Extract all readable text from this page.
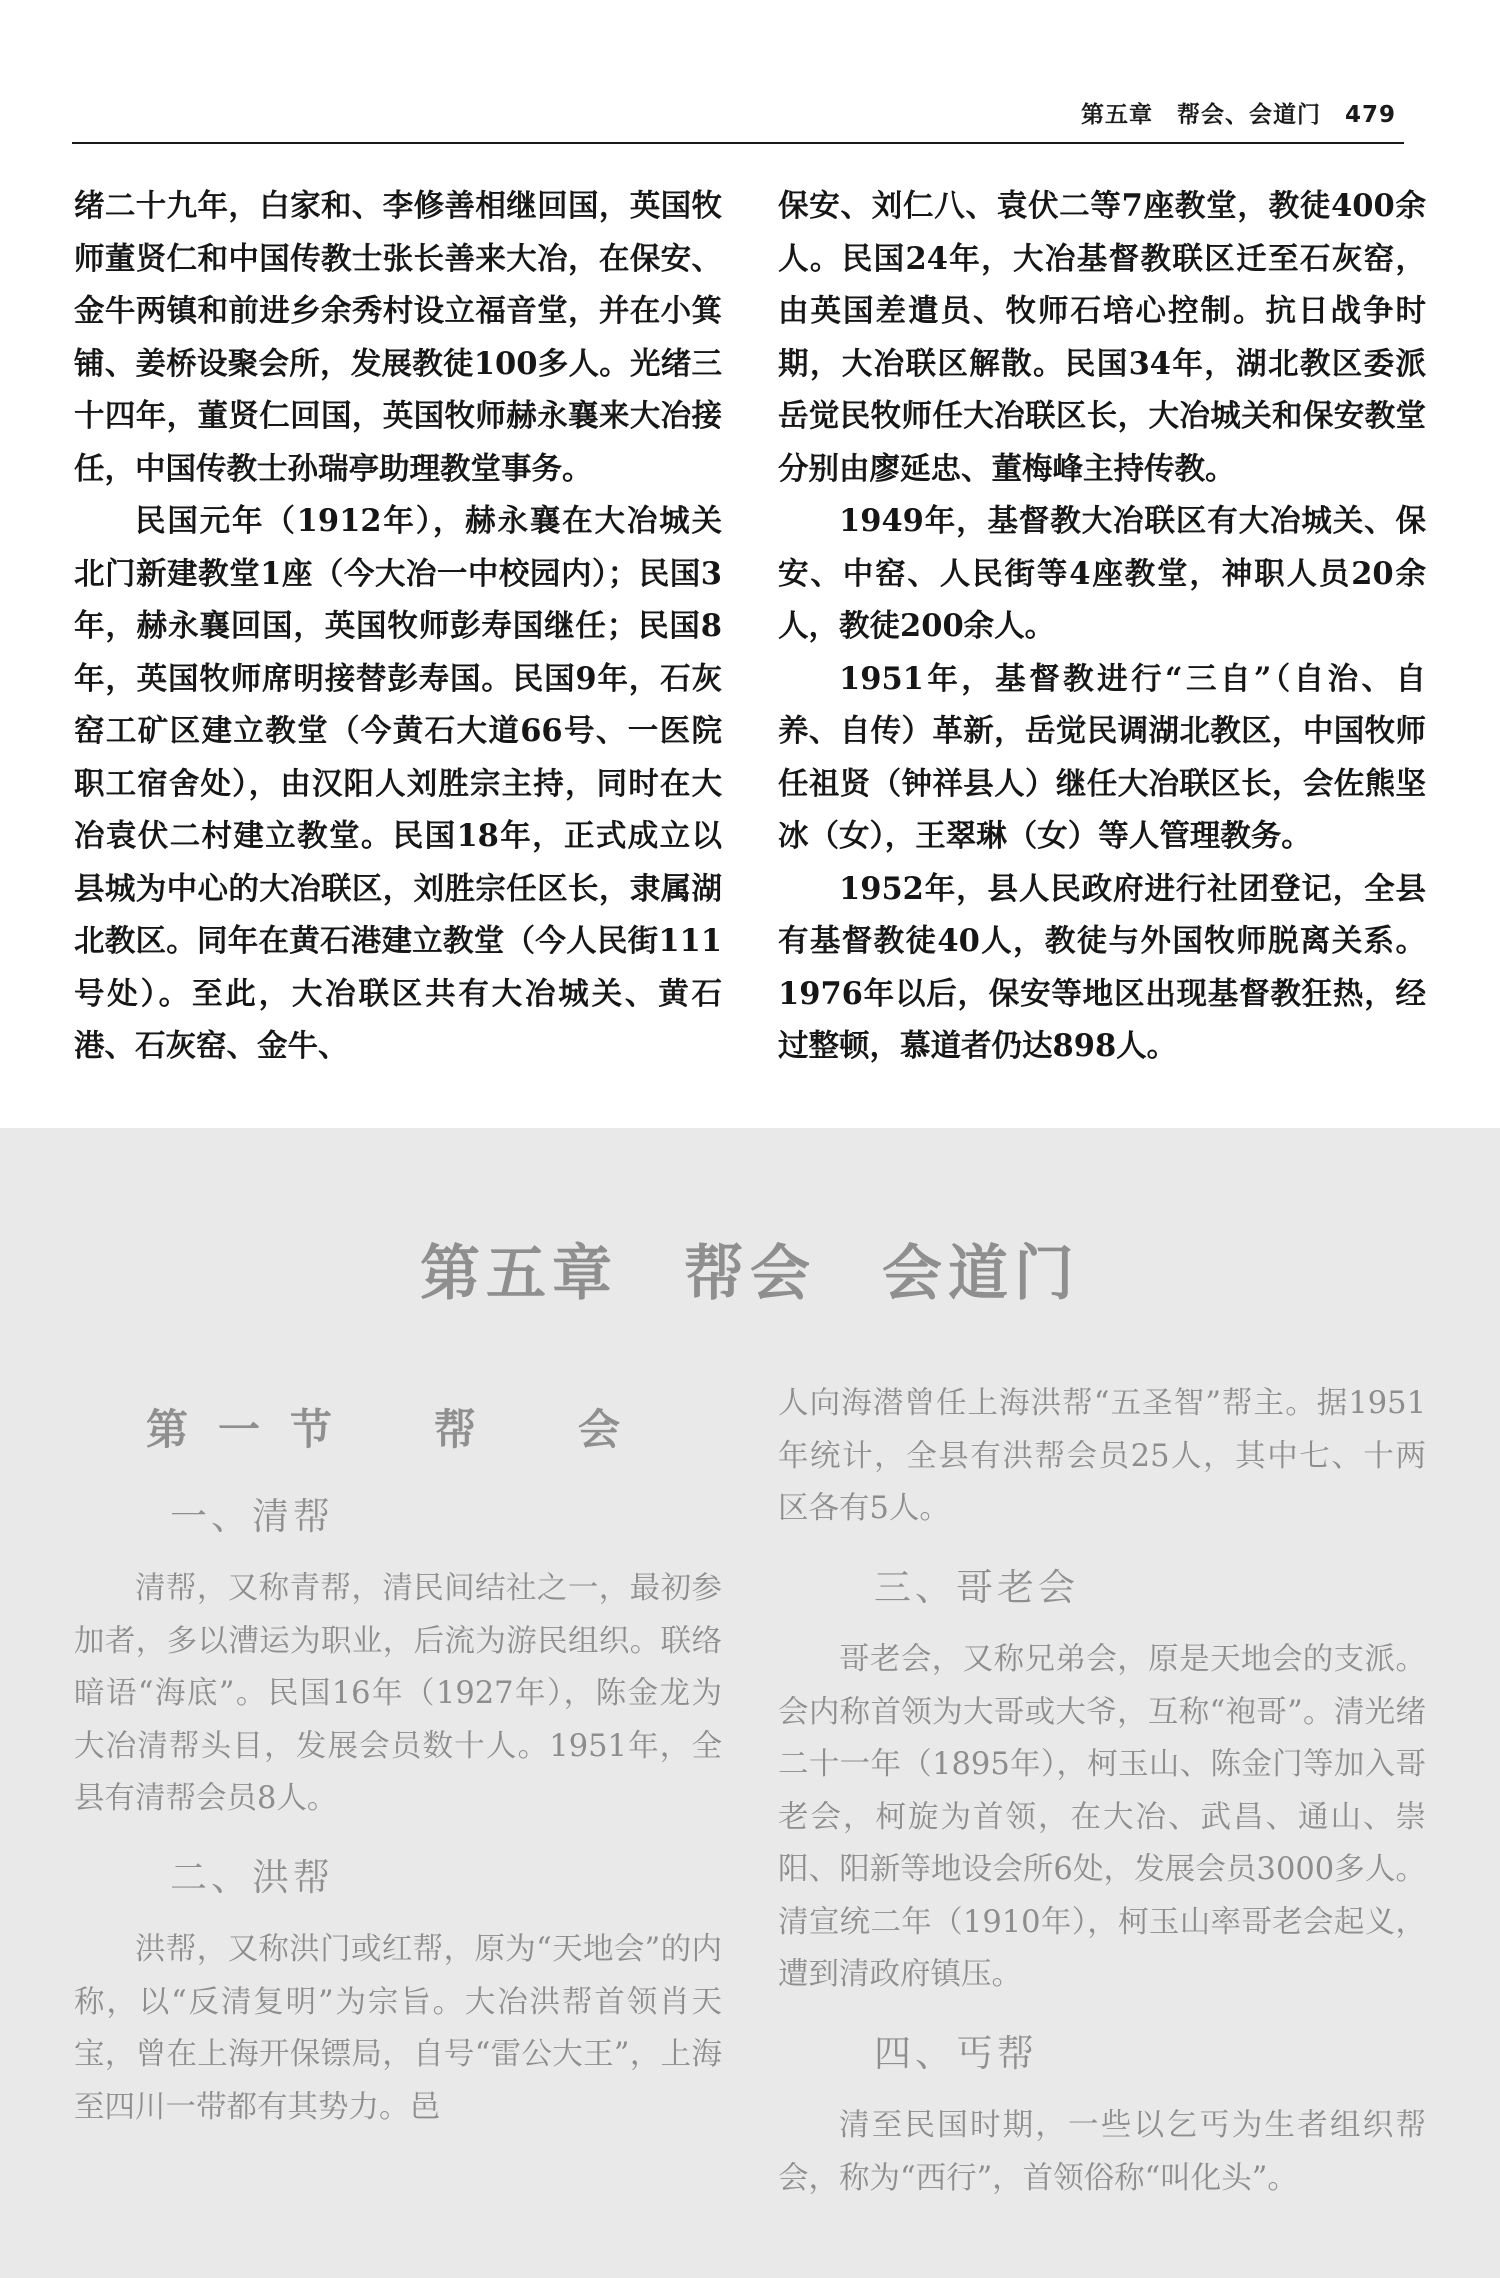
第五章　帮会、会道门　479

绪二十九年，白家和、李修善相继回国，英国牧师董贤仁和中国传教士张长善来大冶，在保安、金牛两镇和前进乡余秀村设立福音堂，并在小箕铺、姜桥设聚会所，发展教徒100多人。光绪三十四年，董贤仁回国，英国牧师赫永襄来大冶接任，中国传教士孙瑞亭助理教堂事务。

民国元年（1912年），赫永襄在大冶城关北门新建教堂1座（今大冶一中校园内）；民国3年，赫永襄回国，英国牧师彭寿国继任；民国8年，英国牧师席明接替彭寿国。民国9年，石灰窑工矿区建立教堂（今黄石大道66号、一医院职工宿舍处），由汉阳人刘胜宗主持，同时在大冶袁伏二村建立教堂。民国18年，正式成立以县城为中心的大冶联区，刘胜宗任区长，隶属湖北教区。同年在黄石港建立教堂（今人民街111号处）。至此，大冶联区共有大冶城关、黄石港、石灰窑、金牛、

保安、刘仁八、袁伏二等7座教堂，教徒400余人。民国24年，大冶基督教联区迁至石灰窑，由英国差遣员、牧师石培心控制。抗日战争时期，大冶联区解散。民国34年，湖北教区委派岳觉民牧师任大冶联区长，大冶城关和保安教堂分别由廖延忠、董梅峰主持传教。

1949年，基督教大冶联区有大冶城关、保安、中窑、人民街等4座教堂，神职人员20余人，教徒200余人。

1951年，基督教进行“三自”（自治、自养、自传）革新，岳觉民调湖北教区，中国牧师任祖贤（钟祥县人）继任大冶联区长，会佐熊坚冰（女），王翠琳（女）等人管理教务。

1952年，县人民政府进行社团登记，全县有基督教徒40人，教徒与外国牧师脱离关系。1976年以后，保安等地区出现基督教狂热，经过整顿，慕道者仍达898人。

第五章　帮会　会道门
第一节　帮　会
一、清帮

清帮，又称青帮，清民间结社之一，最初参加者，多以漕运为职业，后流为游民组织。联络暗语“海底”。民国16年（1927年），陈金龙为大冶清帮头目，发展会员数十人。1951年，全县有清帮会员8人。

二、洪帮

洪帮，又称洪门或红帮，原为“天地会”的内称，以“反清复明”为宗旨。大冶洪帮首领肖天宝，曾在上海开保镖局，自号“雷公大王”，上海至四川一带都有其势力。邑

人向海潜曾任上海洪帮“五圣智”帮主。据1951年统计，全县有洪帮会员25人，其中七、十两区各有5人。

三、哥老会

哥老会，又称兄弟会，原是天地会的支派。会内称首领为大哥或大爷，互称“袍哥”。清光绪二十一年（1895年），柯玉山、陈金门等加入哥老会，柯旋为首领，在大冶、武昌、通山、崇阳、阳新等地设会所6处，发展会员3000多人。清宣统二年（1910年），柯玉山率哥老会起义，遭到清政府镇压。

四、丐帮

清至民国时期，一些以乞丐为生者组织帮会，称为“西行”，首领俗称“叫化头”。
